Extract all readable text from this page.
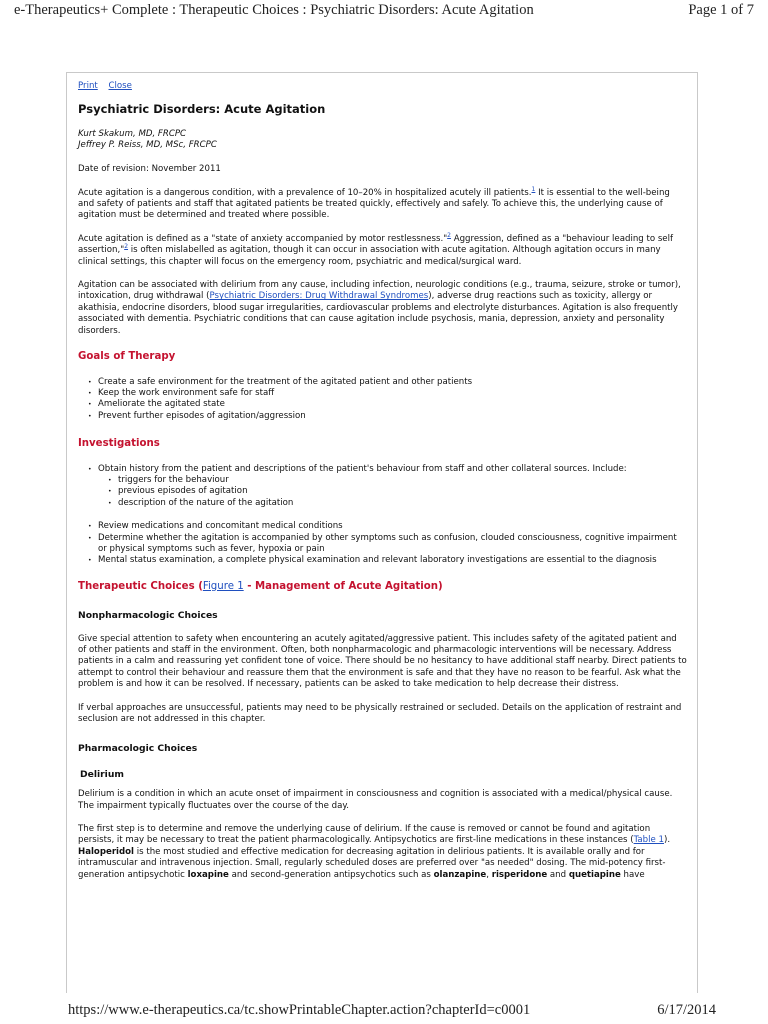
e-Therapeutics+ Complete : Therapeutic Choices : Psychiatric Disorders: Acute Agitation	Page 1 of 7
Print Close
Psychiatric Disorders: Acute Agitation
Kurt Skakum, MD, FRCPC
Jeffrey P. Reiss, MD, MSc, FRCPC

Date of revision: November 2011

Acute agitation is a dangerous condition, with a prevalence of 10–20% in hospitalized acutely ill patients.$^1$ It is essential to the well-being and safety of patients and staff that agitated patients be treated quickly, effectively and safely. To achieve this, the underlying cause of agitation must be determined and treated where possible.

Acute agitation is defined as a "state of anxiety accompanied by motor restlessness."$^2$ Aggression, defined as a "behaviour leading to self assertion,"$^2$ is often mislabelled as agitation, though it can occur in association with acute agitation. Although agitation occurs in many clinical settings, this chapter will focus on the emergency room, psychiatric and medical/surgical ward.

Agitation can be associated with delirium from any cause, including infection, neurologic conditions (e.g., trauma, seizure, stroke or tumor), intoxication, drug withdrawal (Psychiatric Disorders: Drug Withdrawal Syndromes), adverse drug reactions such as toxicity, allergy or akathisia, endocrine disorders, blood sugar irregularities, cardiovascular problems and electrolyte disturbances. Agitation is also frequently associated with dementia. Psychiatric conditions that can cause agitation include psychosis, mania, depression, anxiety and personality disorders.

Goals of Therapy
• Create a safe environment for the treatment of the agitated patient and other patients
• Keep the work environment safe for staff
• Ameliorate the agitated state
• Prevent further episodes of agitation/aggression
Investigations
• Obtain history from the patient and descriptions of the patient's behaviour from staff and other collateral sources. Include:
• triggers for the behaviour
• previous episodes of agitation
• description of the nature of the agitation
• Review medications and concomitant medical conditions
• Determine whether the agitation is accompanied by other symptoms such as confusion, clouded consciousness, cognitive impairment or physical symptoms such as fever, hypoxia or pain
• Mental status examination, a complete physical examination and relevant laboratory investigations are essential to the diagnosis
Therapeutic Choices (Figure 1 - Management of Acute Agitation)
Nonpharmacologic Choices

Give special attention to safety when encountering an acutely agitated/aggressive patient. This includes safety of the agitated patient and of other patients and staff in the environment. Often, both nonpharmacologic and pharmacologic interventions will be necessary. Address patients in a calm and reassuring yet confident tone of voice. There should be no hesitancy to have additional staff nearby. Direct patients to attempt to control their behaviour and reassure them that the environment is safe and that they have no reason to be fearful. Ask what the problem is and how it can be resolved. If necessary, patients can be asked to take medication to help decrease their distress.

If verbal approaches are unsuccessful, patients may need to be physically restrained or secluded. Details on the application of restraint and seclusion are not addressed in this chapter.

Pharmacologic Choices
Delirium

Delirium is a condition in which an acute onset of impairment in consciousness and cognition is associated with a medical/physical cause. The impairment typically fluctuates over the course of the day.

The first step is to determine and remove the underlying cause of delirium. If the cause is removed or cannot be found and agitation persists, it may be necessary to treat the patient pharmacologically. Antipsychotics are first-line medications in these instances (Table 1). Haloperidol is the most studied and effective medication for decreasing agitation in delirious patients. It is available orally and for intramuscular and intravenous injection. Small, regularly scheduled doses are preferred over "as needed" dosing. The mid-potency first-generation antipsychotic loxapine and second-generation antipsychotics such as olanzapine, risperidone and quetiapine have

https://www.e-therapeutics.ca/tc.showPrintableChapter.action?chapterId=c0001	6/17/2014
